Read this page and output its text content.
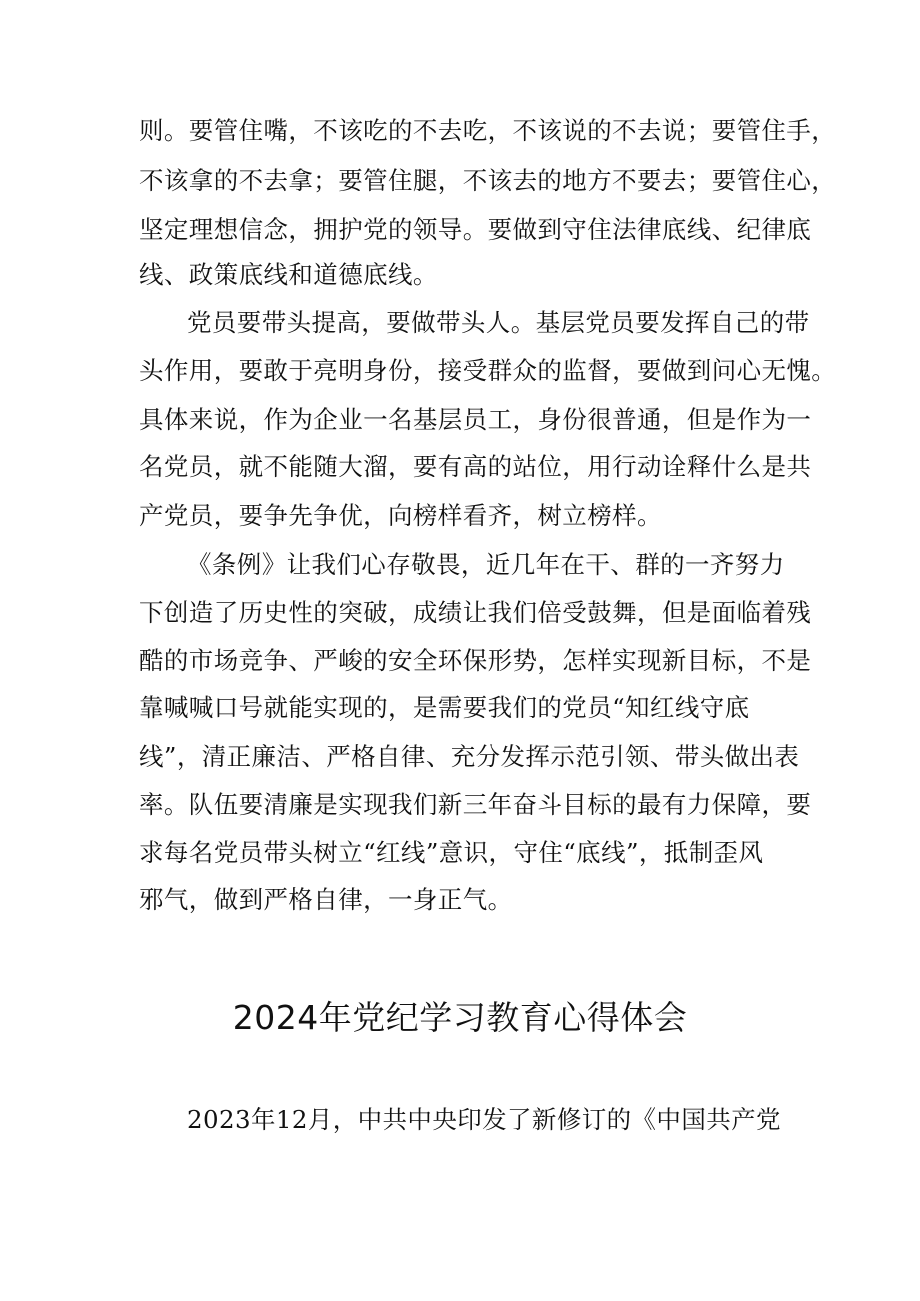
则。要管住嘴，不该吃的不去吃，不该说的不去说；要管住手，
不该拿的不去拿；要管住腿，不该去的地方不要去；要管住心，
坚定理想信念，拥护党的领导。要做到守住法律底线、纪律底
线、政策底线和道德底线。
党员要带头提高，要做带头人。基层党员要发挥自己的带
头作用，要敢于亮明身份，接受群众的监督，要做到问心无愧。
具体来说，作为企业一名基层员工，身份很普通，但是作为一
名党员，就不能随大溜，要有高的站位，用行动诠释什么是共
产党员，要争先争优，向榜样看齐，树立榜样。
《条例》让我们心存敬畏，近几年在干、群的一齐努力
下创造了历史性的突破，成绩让我们倍受鼓舞，但是面临着残
酷的市场竞争、严峻的安全环保形势，怎样实现新目标，不是
靠喊喊口号就能实现的，是需要我们的党员“知红线守底
线”，清正廉洁、严格自律、充分发挥示范引领、带头做出表
率。队伍要清廉是实现我们新三年奋斗目标的最有力保障，要
求每名党员带头树立“红线”意识，守住“底线”，抵制歪风
邪气，做到严格自律，一身正气。
2024年党纪学习教育心得体会
2023年12月，中共中央印发了新修订的《中国共产党
